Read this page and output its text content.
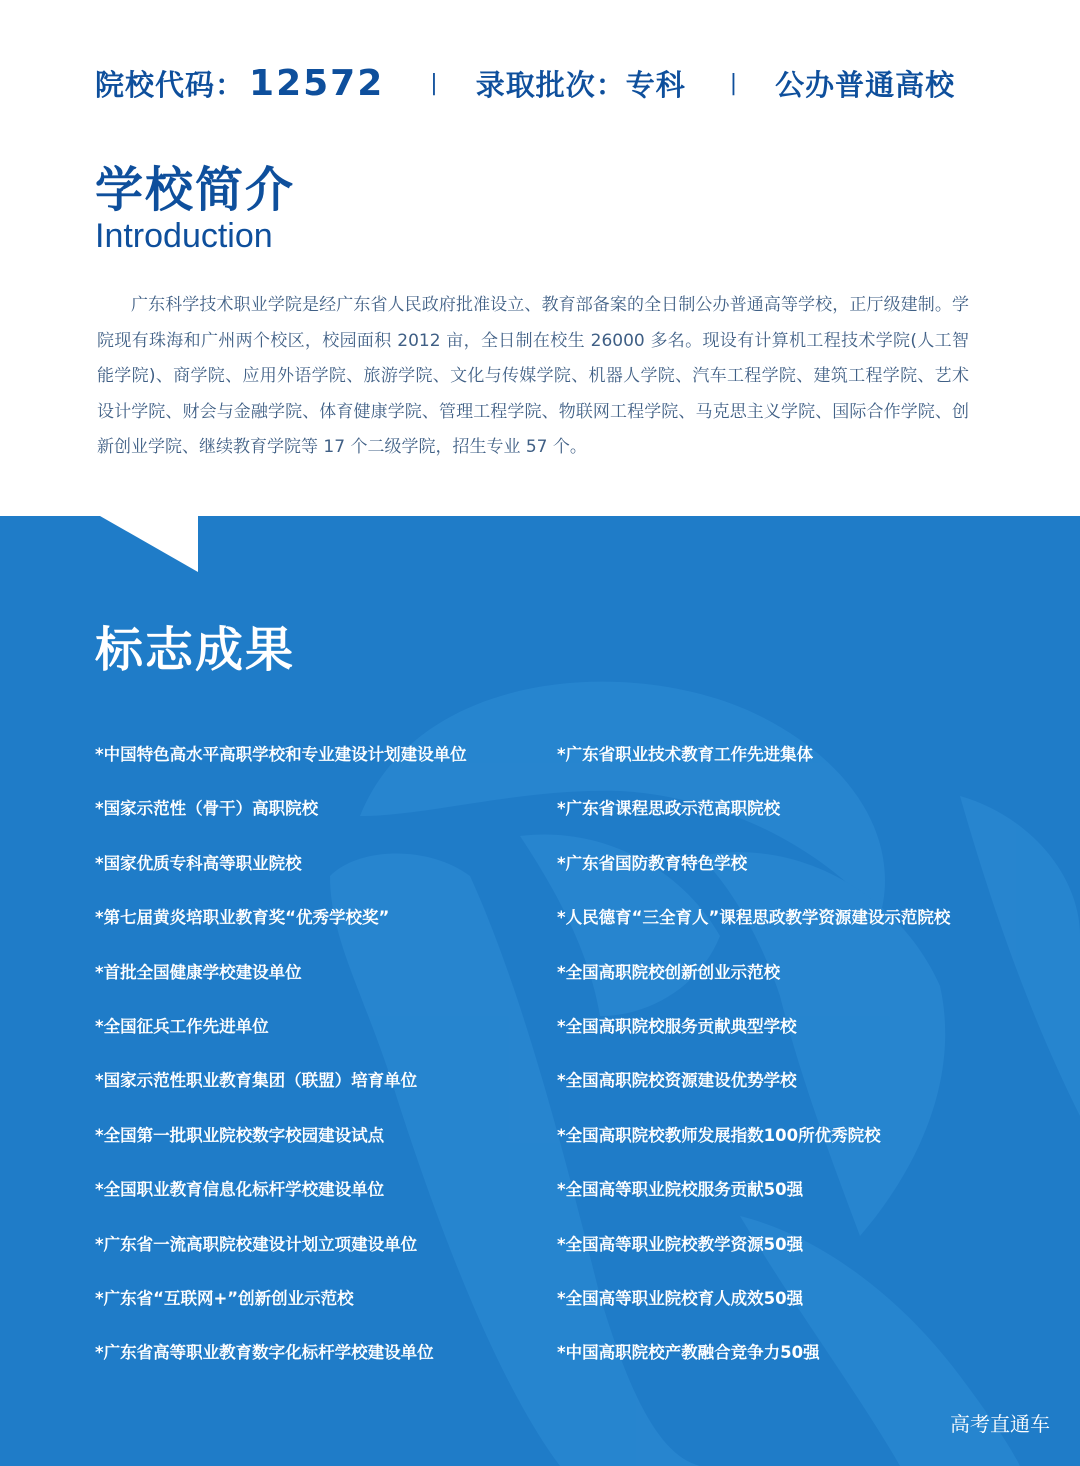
院校代码： 12572 | 录取批次：专科 | 公办普通高校
学校简介
Introduction

广东科学技术职业学院是经广东省人民政府批准设立、教育部备案的全日制公办普通高等学校，正厅级建制。学院现有珠海和广州两个校区，校园面积 2012 亩，全日制在校生 26000 多名。现设有计算机工程技术学院(人工智能学院)、商学院、应用外语学院、旅游学院、文化与传媒学院、机器人学院、汽车工程学院、建筑工程学院、艺术设计学院、财会与金融学院、体育健康学院、管理工程学院、物联网工程学院、马克思主义学院、国际合作学院、创新创业学院、继续教育学院等 17 个二级学院，招生专业 57 个。

标志成果
*中国特色高水平高职学校和专业建设计划建设单位
*国家示范性（骨干）高职院校
*国家优质专科高等职业院校
*第七届黄炎培职业教育奖“优秀学校奖”
*首批全国健康学校建设单位
*全国征兵工作先进单位
*国家示范性职业教育集团（联盟）培育单位
*全国第一批职业院校数字校园建设试点
*全国职业教育信息化标杆学校建设单位
*广东省一流高职院校建设计划立项建设单位
*广东省“互联网+”创新创业示范校
*广东省高等职业教育数字化标杆学校建设单位
*广东省职业技术教育工作先进集体
*广东省课程思政示范高职院校
*广东省国防教育特色学校
*人民德育“三全育人”课程思政教学资源建设示范院校
*全国高职院校创新创业示范校
*全国高职院校服务贡献典型学校
*全国高职院校资源建设优势学校
*全国高职院校教师发展指数100所优秀院校
*全国高等职业院校服务贡献50强
*全国高等职业院校教学资源50强
*全国高等职业院校育人成效50强
*中国高职院校产教融合竞争力50强
高考直通车
